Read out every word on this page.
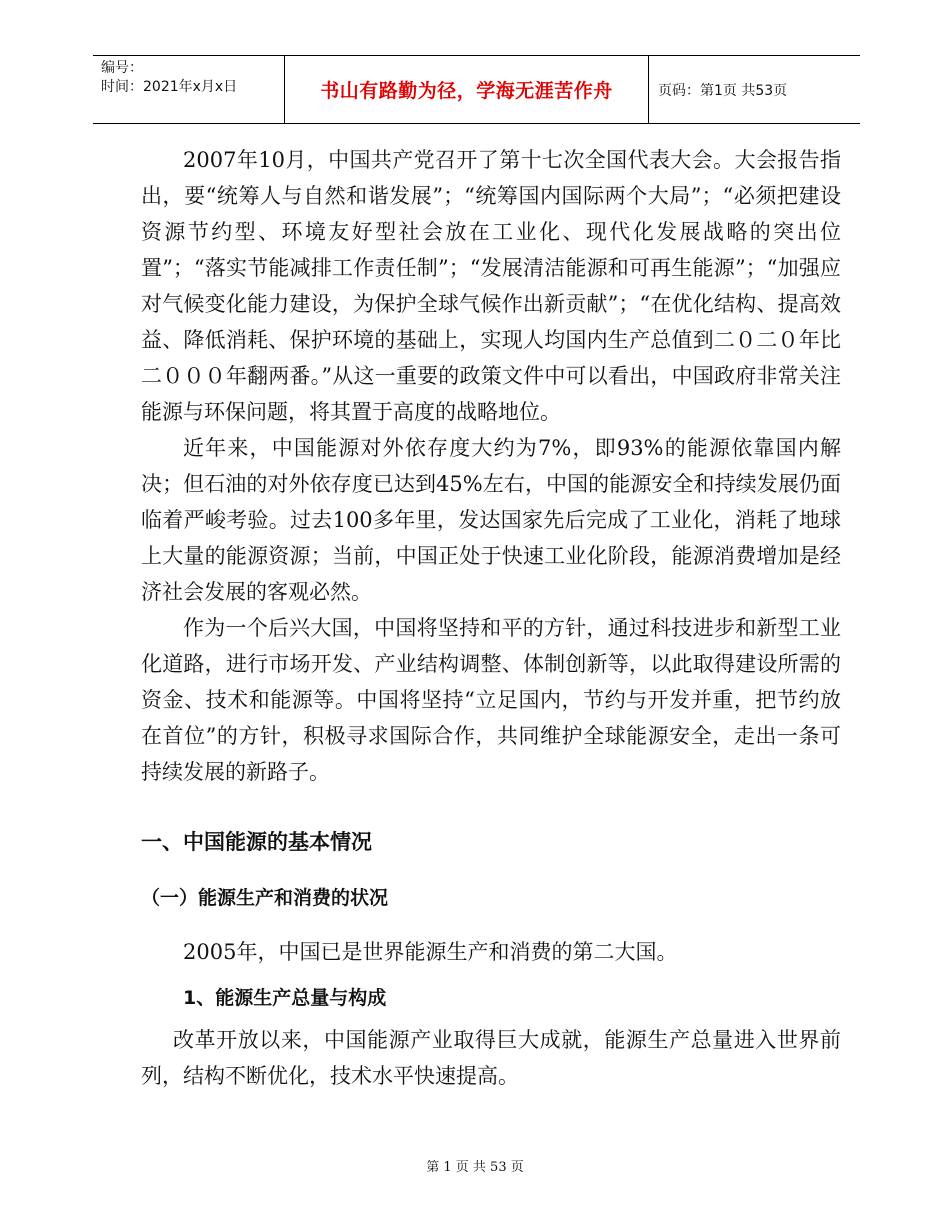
编号：
时间：2021年x月x日	书山有路勤为径，学海无涯苦作舟	页码：第1页 共53页

2007年10月，中国共产党召开了第十七次全国代表大会。大会报告指出，要“统筹人与自然和谐发展”；“统筹国内国际两个大局”；“必须把建设资源节约型、环境友好型社会放在工业化、现代化发展战略的突出位置”；“落实节能减排工作责任制”；“发展清洁能源和可再生能源”；“加强应对气候变化能力建设，为保护全球气候作出新贡献”；“在优化结构、提高效益、降低消耗、保护环境的基础上，实现人均国内生产总值到二０二０年比二０００年翻两番。”从这一重要的政策文件中可以看出，中国政府非常关注能源与环保问题，将其置于高度的战略地位。

近年来，中国能源对外依存度大约为7%，即93%的能源依靠国内解决；但石油的对外依存度已达到45%左右，中国的能源安全和持续发展仍面临着严峻考验。过去100多年里，发达国家先后完成了工业化，消耗了地球上大量的能源资源；当前，中国正处于快速工业化阶段，能源消费增加是经济社会发展的客观必然。

作为一个后兴大国，中国将坚持和平的方针，通过科技进步和新型工业化道路，进行市场开发、产业结构调整、体制创新等，以此取得建设所需的资金、技术和能源等。中国将坚持“立足国内，节约与开发并重，把节约放在首位”的方针，积极寻求国际合作，共同维护全球能源安全，走出一条可持续发展的新路子。

一、中国能源的基本情况
（一）能源生产和消费的状况

2005年，中国已是世界能源生产和消费的第二大国。

1、能源生产总量与构成

改革开放以来，中国能源产业取得巨大成就，能源生产总量进入世界前列，结构不断优化，技术水平快速提高。

第 1 页 共 53 页
